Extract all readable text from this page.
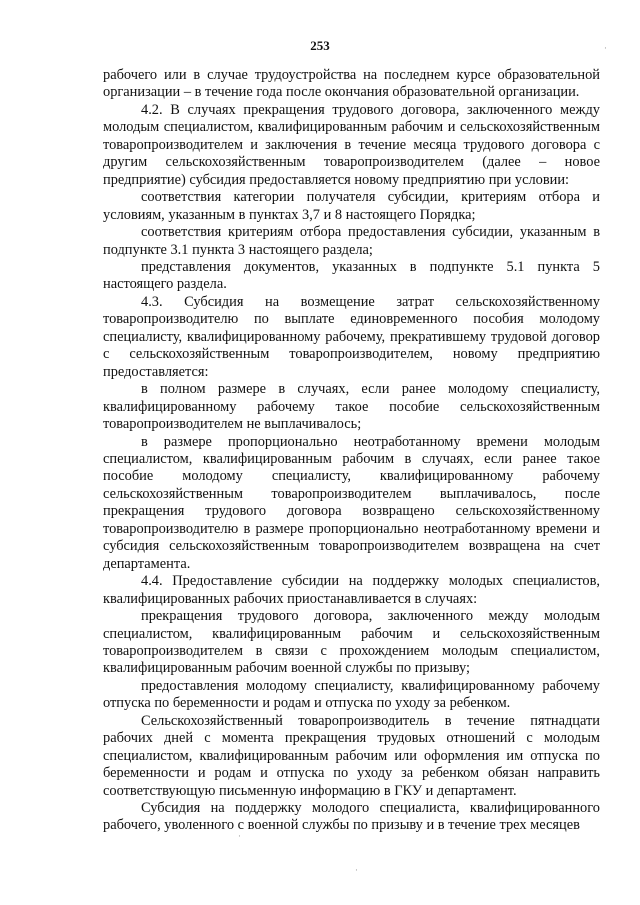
253	·
·
·

рабочего или в случае трудоустройства на последнем курсе образовательной организации – в течение года после окончания образовательной организации.

4.2. В случаях прекращения трудового договора, заключенного между молодым специалистом, квалифицированным рабочим и сельскохозяйственным товаропроизводителем и заключения в течение месяца трудового договора с другим сельскохозяйственным товаропроизводителем (далее – новое предприятие) субсидия предоставляется новому предприятию при условии:

соответствия категории получателя субсидии, критериям отбора и условиям, указанным в пунктах 3,7 и 8 настоящего Порядка;

соответствия критериям отбора предоставления субсидии, указанным в подпункте 3.1 пункта 3 настоящего раздела;

представления документов, указанных в подпункте 5.1 пункта 5 настоящего раздела.

4.3. Субсидия на возмещение затрат сельскохозяйственному товаропроизводителю по выплате единовременного пособия молодому специалисту, квалифицированному рабочему, прекратившему трудовой договор с сельскохозяйственным товаропроизводителем, новому предприятию предоставляется:

в полном размере в случаях, если ранее молодому специалисту, квалифицированному рабочему такое пособие сельскохозяйственным товаропроизводителем не выплачивалось;

в размере пропорционально неотработанному времени молодым специалистом, квалифицированным рабочим в случаях, если ранее такое пособие молодому специалисту, квалифицированному рабочему сельскохозяйственным товаропроизводителем выплачивалось, после прекращения трудового договора возвращено сельскохозяйственному товаропроизводителю в размере пропорционально неотработанному времени и субсидия сельскохозяйственным товаропроизводителем возвращена на счет департамента.

4.4. Предоставление субсидии на поддержку молодых специалистов, квалифицированных рабочих приостанавливается в случаях:

прекращения трудового договора, заключенного между молодым специалистом, квалифицированным рабочим и сельскохозяйственным товаропроизводителем в связи с прохождением молодым специалистом, квалифицированным рабочим военной службы по призыву;

предоставления молодому специалисту, квалифицированному рабочему отпуска по беременности и родам и отпуска по уходу за ребенком.

Сельскохозяйственный товаропроизводитель в течение пятнадцати рабочих дней с момента прекращения трудовых отношений с молодым специалистом, квалифицированным рабочим или оформления им отпуска по беременности и родам и отпуска по уходу за ребенком обязан направить соответствующую письменную информацию в ГКУ и департамент.

Субсидия на поддержку молодого специалиста, квалифицированного рабочего, уволенного с военной службы по призыву и в течение трех месяцев
